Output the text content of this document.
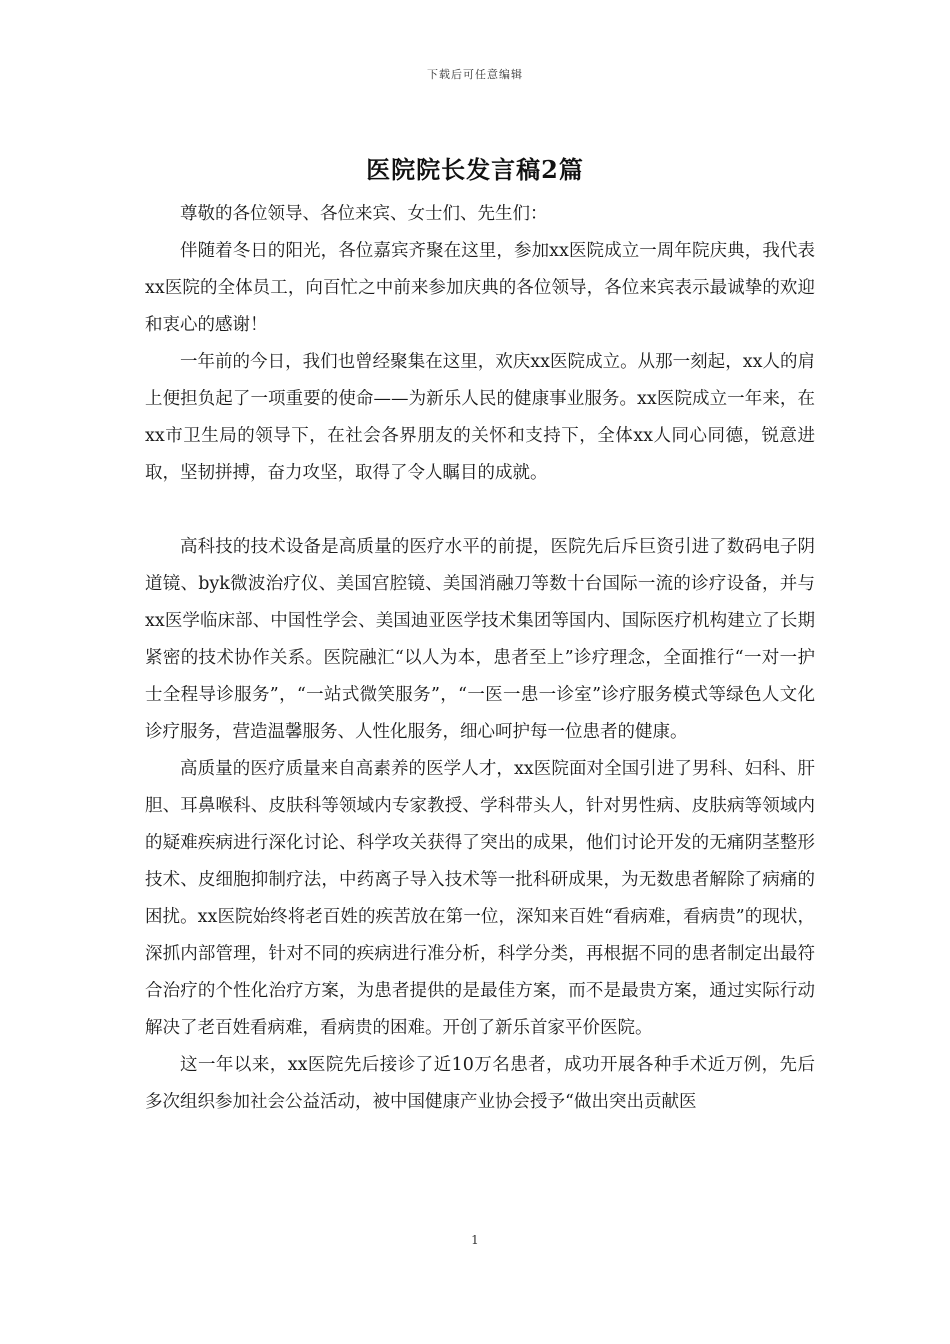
下载后可任意编辑
医院院长发言稿2篇

尊敬的各位领导、各位来宾、女士们、先生们：

伴随着冬日的阳光，各位嘉宾齐聚在这里，参加xx医院成立一周年院庆典，我代表xx医院的全体员工，向百忙之中前来参加庆典的各位领导，各位来宾表示最诚挚的欢迎和衷心的感谢！

一年前的今日，我们也曾经聚集在这里，欢庆xx医院成立。从那一刻起，xx人的肩上便担负起了一项重要的使命——为新乐人民的健康事业服务。xx医院成立一年来，在xx市卫生局的领导下，在社会各界朋友的关怀和支持下，全体xx人同心同德，锐意进取，坚韧拼搏，奋力攻坚，取得了令人瞩目的成就。

高科技的技术设备是高质量的医疗水平的前提，医院先后斥巨资引进了数码电子阴道镜、byk微波治疗仪、美国宫腔镜、美国消融刀等数十台国际一流的诊疗设备，并与xx医学临床部、中国性学会、美国迪亚医学技术集团等国内、国际医疗机构建立了长期紧密的技术协作关系。医院融汇“以人为本，患者至上”诊疗理念，全面推行“一对一护士全程导诊服务”，“一站式微笑服务”，“一医一患一诊室”诊疗服务模式等绿色人文化诊疗服务，营造温馨服务、人性化服务，细心呵护每一位患者的健康。

高质量的医疗质量来自高素养的医学人才，xx医院面对全国引进了男科、妇科、肝胆、耳鼻喉科、皮肤科等领域内专家教授、学科带头人，针对男性病、皮肤病等领域内的疑难疾病进行深化讨论、科学攻关获得了突出的成果，他们讨论开发的无痛阴茎整形技术、皮细胞抑制疗法，中药离子导入技术等一批科研成果，为无数患者解除了病痛的困扰。xx医院始终将老百姓的疾苦放在第一位，深知来百姓“看病难，看病贵”的现状，深抓内部管理，针对不同的疾病进行准分析，科学分类，再根据不同的患者制定出最符合治疗的个性化治疗方案，为患者提供的是最佳方案，而不是最贵方案，通过实际行动解决了老百姓看病难，看病贵的困难。开创了新乐首家平价医院。

这一年以来，xx医院先后接诊了近10万名患者，成功开展各种手术近万例，先后多次组织参加社会公益活动，被中国健康产业协会授予“做出突出贡献医

1
